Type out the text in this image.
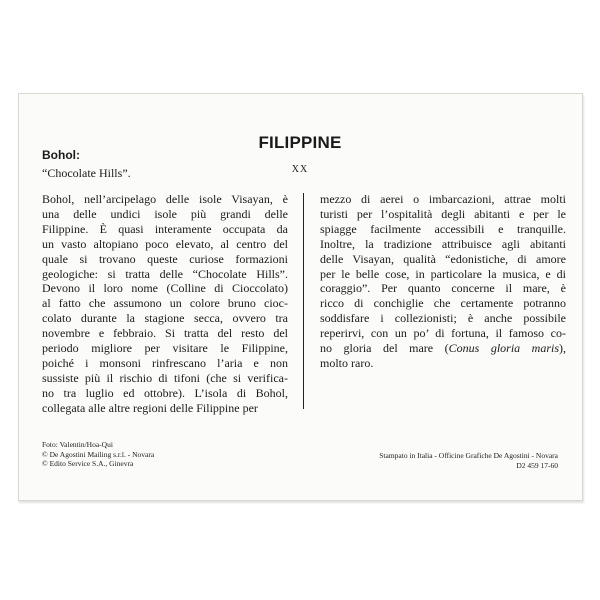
FILIPPINE
XX
Bohol:
“Chocolate Hills”.
Bohol, nell’arcipelago delle isole Visayan, è
una delle undici isole più grandi delle
Filippine. È quasi interamente occupata da
un vasto altopiano poco elevato, al centro del
quale si trovano queste curiose formazioni
geologiche: si tratta delle “Chocolate Hills”.
Devono il loro nome (Colline di Cioccolato)
al fatto che assumono un colore bruno cioc-
colato durante la stagione secca, ovvero tra
novembre e febbraio. Si tratta del resto del
periodo migliore per visitare le Filippine,
poiché i monsoni rinfrescano l’aria e non
sussiste più il rischio di tifoni (che si verifica-
no tra luglio ed ottobre). L’isola di Bohol,
collegata alle altre regioni delle Filippine per
mezzo di aerei o imbarcazioni, attrae molti
turisti per l’ospitalità degli abitanti e per le
spiagge facilmente accessibili e tranquille.
Inoltre, la tradizione attribuisce agli abitanti
delle Visayan, qualità “edonistiche, di amore
per le belle cose, in particolare la musica, e di
coraggio”. Per quanto concerne il mare, è
ricco di conchiglie che certamente potranno
soddisfare i collezionisti; è anche possibile
reperirvi, con un po’ di fortuna, il famoso co-
no gloria del mare (Conus gloria maris),
molto raro.
Foto: Valentin/Hoa-Qui
© De Agostini Mailing s.r.l. - Novara
© Edito Service S.A., Ginevra
Stampato in Italia - Officine Grafiche De Agostini - Novara
D2 459 17-60
